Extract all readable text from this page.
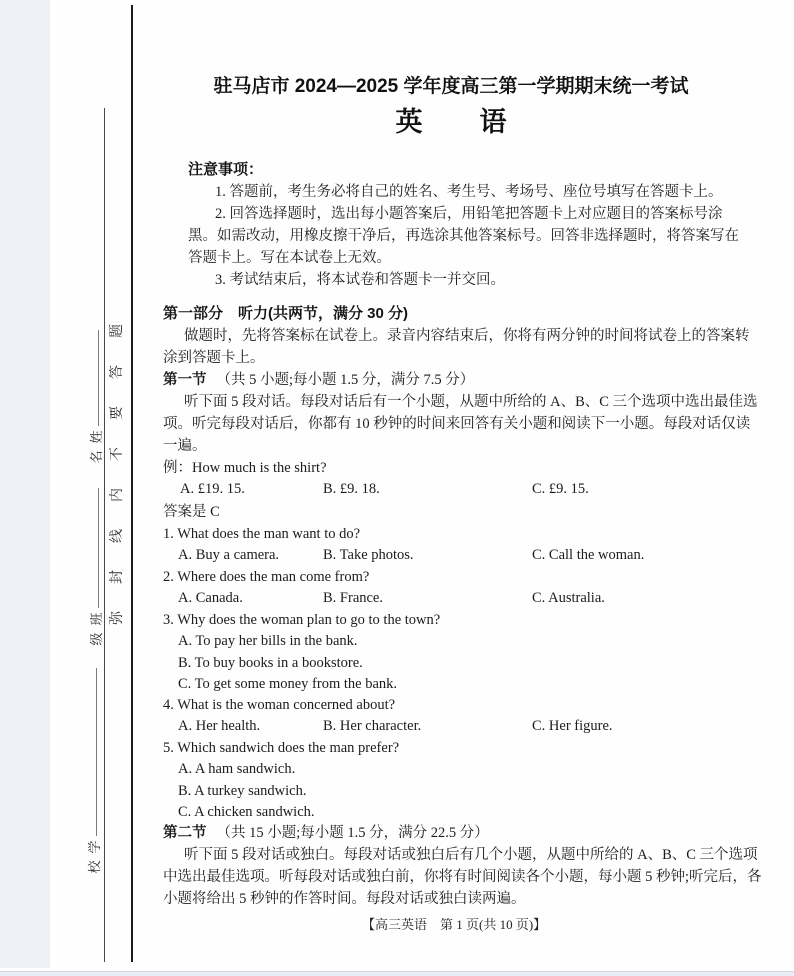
姓
名
班
级
学
校
题
答
要
不
内
线
封
弥
驻马店市 2024—2025 学年度高三第一学期期末统一考试
英 语
注意事项：
1. 答题前，考生务必将自己的姓名、考生号、考场号、座位号填写在答题卡上。
2. 回答选择题时，选出每小题答案后，用铅笔把答题卡上对应题目的答案标号涂
黑。如需改动，用橡皮擦干净后，再选涂其他答案标号。回答非选择题时，将答案写在
答题卡上。写在本试卷上无效。
3. 考试结束后，将本试卷和答题卡一并交回。
第一部分　听力(共两节，满分 30 分)
做题时，先将答案标在试卷上。录音内容结束后，你将有两分钟的时间将试卷上的答案转
涂到答题卡上。
第一节 （共 5 小题;每小题 1.5 分，满分 7.5 分）
听下面 5 段对话。每段对话后有一个小题，从题中所给的 A、B、C 三个选项中选出最佳选
项。听完每段对话后，你都有 10 秒钟的时间来回答有关小题和阅读下一小题。每段对话仅读
一遍。
例：How much is the shirt?
A. £19. 15.	B. £9. 18.	C. £9. 15.
答案是 C
1. What does the man want to do?
A. Buy a camera.	B. Take photos.	C. Call the woman.
2. Where does the man come from?
A. Canada.	B. France.	C. Australia.
3. Why does the woman plan to go to the town?
A. To pay her bills in the bank.
B. To buy books in a bookstore.
C. To get some money from the bank.
4. What is the woman concerned about?
A. Her health.	B. Her character.	C. Her figure.
5. Which sandwich does the man prefer?
A. A ham sandwich.
B. A turkey sandwich.
C. A chicken sandwich.
第二节 （共 15 小题;每小题 1.5 分，满分 22.5 分）
听下面 5 段对话或独白。每段对话或独白后有几个小题，从题中所给的 A、B、C 三个选项
中选出最佳选项。听每段对话或独白前，你将有时间阅读各个小题，每小题 5 秒钟;听完后，各
小题将给出 5 秒钟的作答时间。每段对话或独白读两遍。
【高三英语　第 1 页(共 10 页)】
